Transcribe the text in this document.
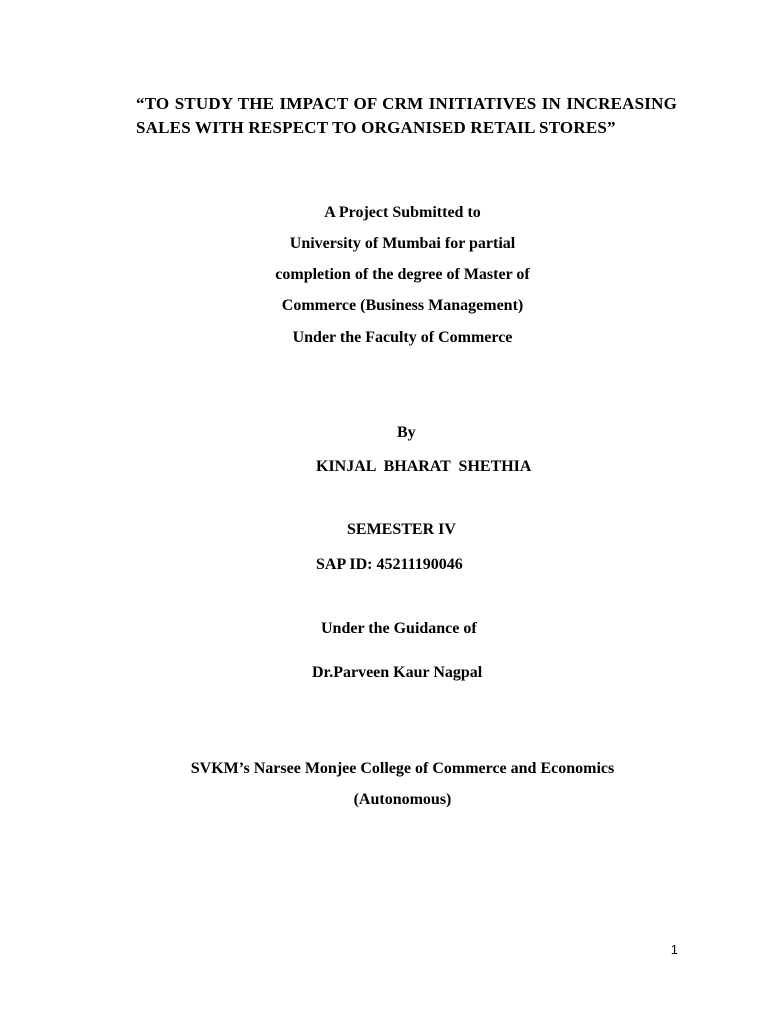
“TO STUDY THE IMPACT OF CRM INITIATIVES IN INCREASING SALES WITH RESPECT TO ORGANISED RETAIL STORES”
A Project Submitted to
University of Mumbai for partial
completion of the degree of Master of
Commerce (Business Management)
Under the Faculty of Commerce
By
KINJAL  BHARAT  SHETHIA
SEMESTER IV
SAP ID: 45211190046
Under the Guidance of
Dr.Parveen Kaur Nagpal
SVKM’s Narsee Monjee College of Commerce and Economics
(Autonomous)
1
